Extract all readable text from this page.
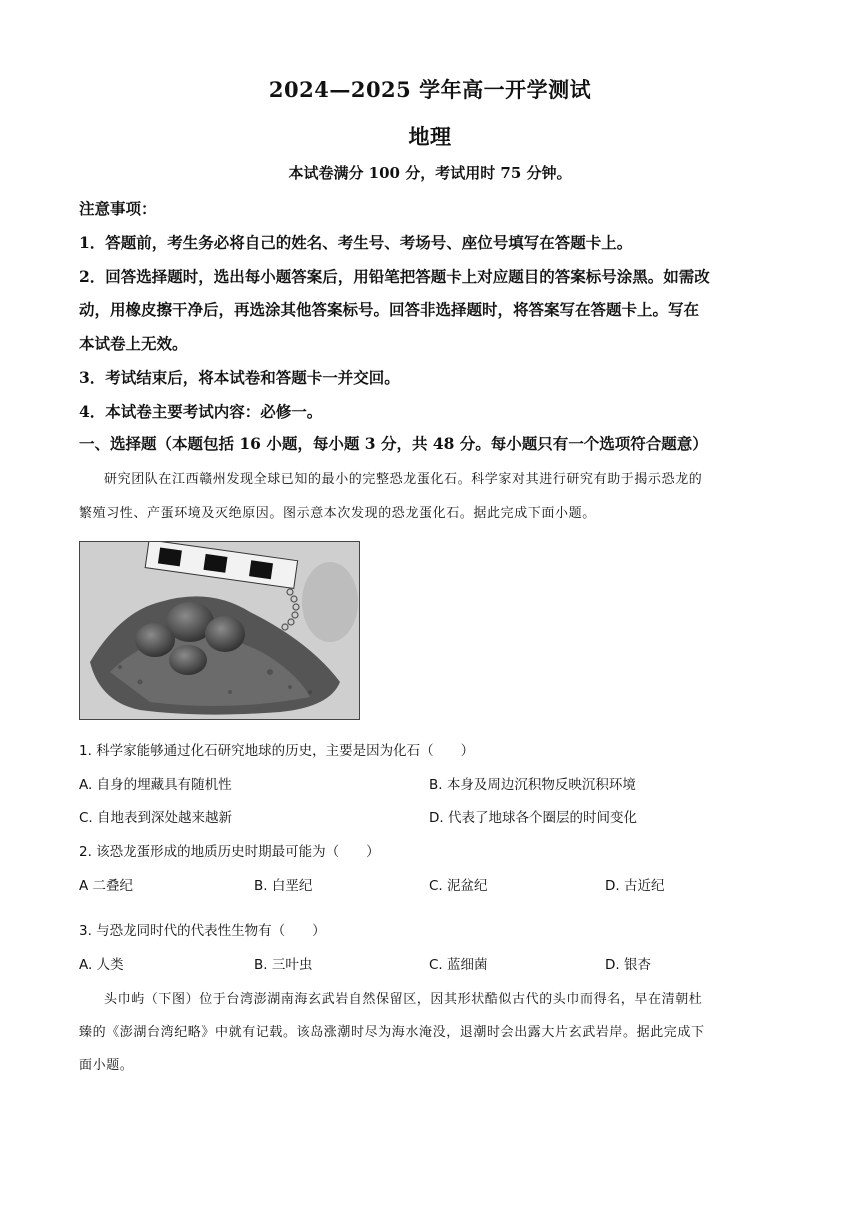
2024—2025 学年高一开学测试
地理
本试卷满分 100 分，考试用时 75 分钟。
注意事项：
1．答题前，考生务必将自己的姓名、考生号、考场号、座位号填写在答题卡上。
2．回答选择题时，选出每小题答案后，用铅笔把答题卡上对应题目的答案标号涂黑。如需改
动，用橡皮擦干净后，再选涂其他答案标号。回答非选择题时，将答案写在答题卡上。写在
本试卷上无效。
3．考试结束后，将本试卷和答题卡一并交回。
4．本试卷主要考试内容：必修一。
一、选择题（本题包括 16 小题，每小题 3 分，共 48 分。每小题只有一个选项符合题意）
研究团队在江西赣州发现全球已知的最小的完整恐龙蛋化石。科学家对其进行研究有助于揭示恐龙的
繁殖习性、产蛋环境及灭绝原因。图示意本次发现的恐龙蛋化石。据此完成下面小题。
1. 科学家能够通过化石研究地球的历史，主要是因为化石（　　）
A. 自身的埋藏具有随机性	B. 本身及周边沉积物反映沉积环境
C. 自地表到深处越来越新	D. 代表了地球各个圈层的时间变化
2. 该恐龙蛋形成的地质历史时期最可能为（　　）
A 二叠纪	B. 白垩纪	C. 泥盆纪	D. 古近纪
3. 与恐龙同时代的代表性生物有（　　）
A. 人类	B. 三叶虫	C. 蓝细菌	D. 银杏
头巾屿（下图）位于台湾澎湖南海玄武岩自然保留区，因其形状酷似古代的头巾而得名，早在清朝杜
臻的《澎湖台湾纪略》中就有记载。该岛涨潮时尽为海水淹没，退潮时会出露大片玄武岩岸。据此完成下
面小题。
